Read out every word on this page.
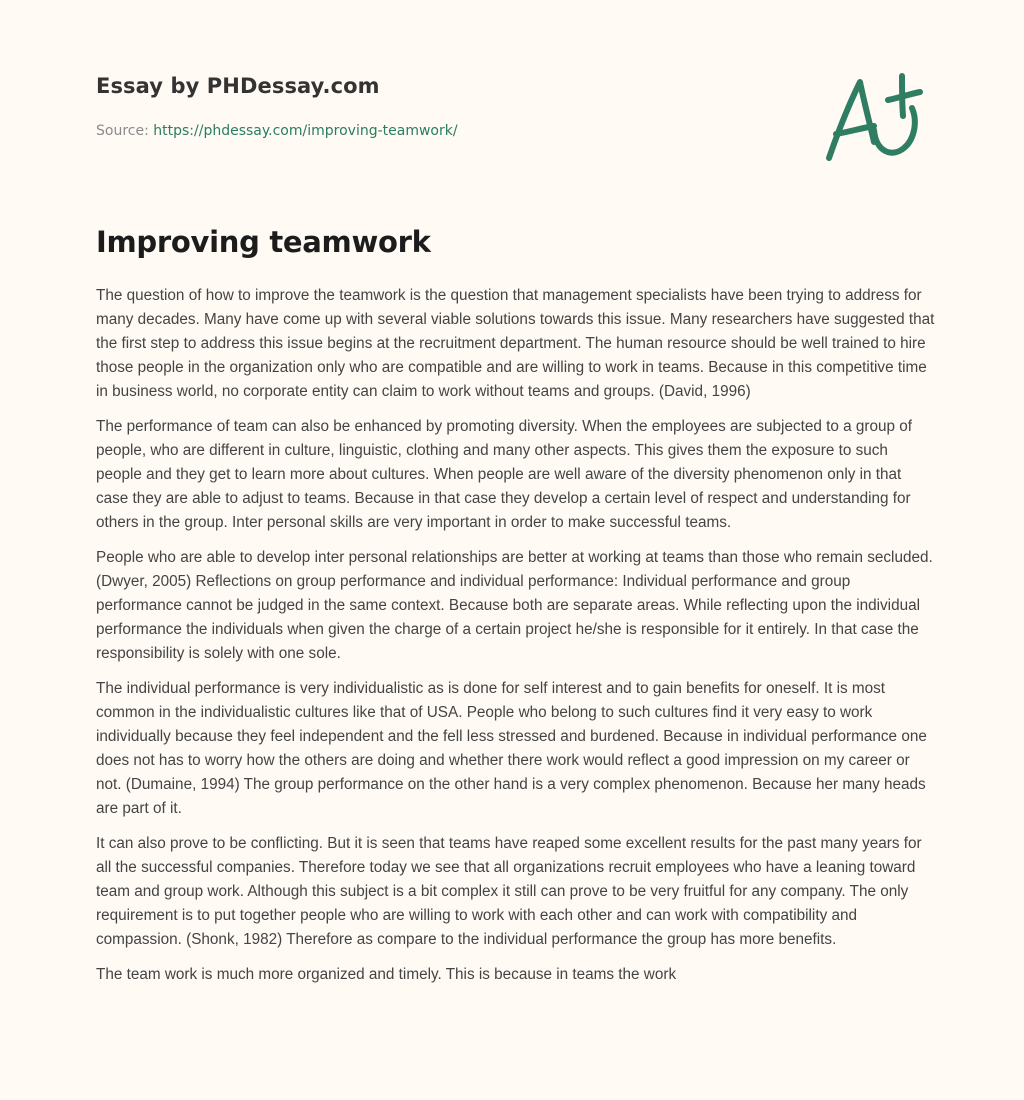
Essay by PHDessay.com
Source: https://phdessay.com/improving-teamwork/
Improving teamwork

The question of how to improve the teamwork is the question that management specialists have been trying to address for many decades. Many have come up with several viable solutions towards this issue. Many researchers have suggested that the first step to address this issue begins at the recruitment department. The human resource should be well trained to hire those people in the organization only who are compatible and are willing to work in teams. Because in this competitive time in business world, no corporate entity can claim to work without teams and groups. (David, 1996)

The performance of team can also be enhanced by promoting diversity. When the employees are subjected to a group of people, who are different in culture, linguistic, clothing and many other aspects. This gives them the exposure to such people and they get to learn more about cultures. When people are well aware of the diversity phenomenon only in that case they are able to adjust to teams. Because in that case they develop a certain level of respect and understanding for others in the group. Inter personal skills are very important in order to make successful teams.

People who are able to develop inter personal relationships are better at working at teams than those who remain secluded. (Dwyer, 2005) Reflections on group performance and individual performance: Individual performance and group performance cannot be judged in the same context. Because both are separate areas. While reflecting upon the individual performance the individuals when given the charge of a certain project he/she is responsible for it entirely. In that case the responsibility is solely with one sole.

The individual performance is very individualistic as is done for self interest and to gain benefits for oneself. It is most common in the individualistic cultures like that of USA. People who belong to such cultures find it very easy to work individually because they feel independent and the fell less stressed and burdened. Because in individual performance one does not has to worry how the others are doing and whether there work would reflect a good impression on my career or not. (Dumaine, 1994) The group performance on the other hand is a very complex phenomenon. Because her many heads are part of it.

It can also prove to be conflicting. But it is seen that teams have reaped some excellent results for the past many years for all the successful companies. Therefore today we see that all organizations recruit employees who have a leaning toward team and group work. Although this subject is a bit complex it still can prove to be very fruitful for any company. The only requirement is to put together people who are willing to work with each other and can work with compatibility and compassion. (Shonk, 1982) Therefore as compare to the individual performance the group has more benefits.

The team work is much more organized and timely. This is because in teams the work
